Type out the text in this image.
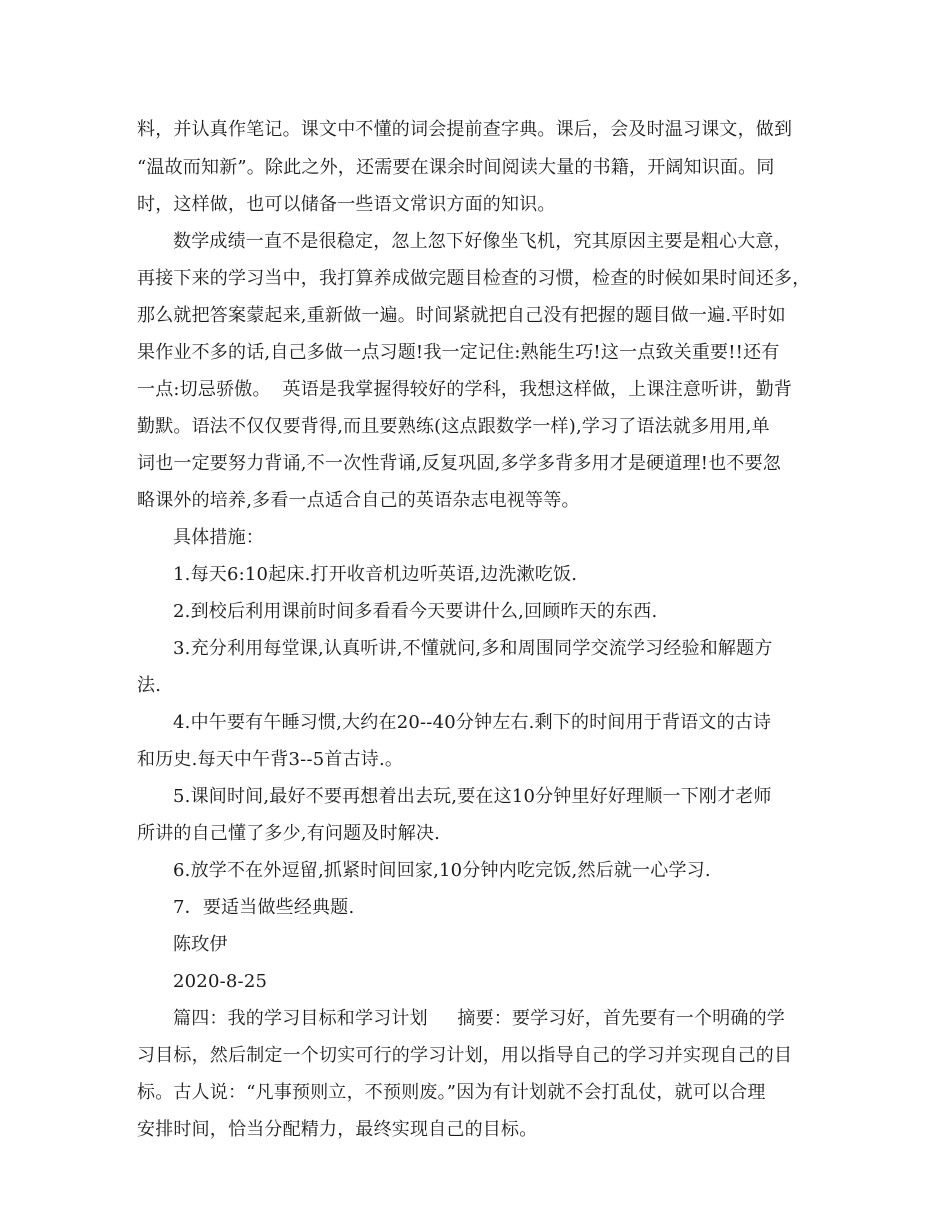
料，并认真作笔记。课文中不懂的词会提前查字典。课后，会及时温习课文，做到
“温故而知新”。除此之外，还需要在课余时间阅读大量的书籍，开阔知识面。同
时，这样做，也可以储备一些语文常识方面的知识。
数学成绩一直不是很稳定，忽上忽下好像坐飞机，究其原因主要是粗心大意，
再接下来的学习当中，我打算养成做完题目检查的习惯，检查的时候如果时间还多，
那么就把答案蒙起来,重新做一遍。时间紧就把自己没有把握的题目做一遍.平时如
果作业不多的话,自己多做一点习题!我一定记住:熟能生巧!这一点致关重要!!还有
一点:切忌骄傲。  英语是我掌握得较好的学科，我想这样做，上课注意听讲，勤背
勤默。语法不仅仅要背得,而且要熟练(这点跟数学一样),学习了语法就多用用,单
词也一定要努力背诵,不一次性背诵,反复巩固,多学多背多用才是硬道理!也不要忽
略课外的培养,多看一点适合自己的英语杂志电视等等。
具体措施：
1.每天6:10起床.打开收音机边听英语,边洗漱吃饭.
2.到校后利用课前时间多看看今天要讲什么,回顾昨天的东西.
3.充分利用每堂课,认真听讲,不懂就问,多和周围同学交流学习经验和解题方
法.
4.中午要有午睡习惯,大约在20--40分钟左右.剩下的时间用于背语文的古诗
和历史.每天中午背3--5首古诗.。
5.课间时间,最好不要再想着出去玩,要在这10分钟里好好理顺一下刚才老师
所讲的自己懂了多少,有问题及时解决.
6.放学不在外逗留,抓紧时间回家,10分钟内吃完饭,然后就一心学习.
7．要适当做些经典题.
陈玫伊
2020-8-25
篇四：我的学习目标和学习计划     摘要：要学习好，首先要有一个明确的学
习目标，然后制定一个切实可行的学习计划，用以指导自己的学习并实现自己的目
标。古人说：“凡事预则立，不预则废。”因为有计划就不会打乱仗，就可以合理
安排时间，恰当分配精力，最终实现自己的目标。
